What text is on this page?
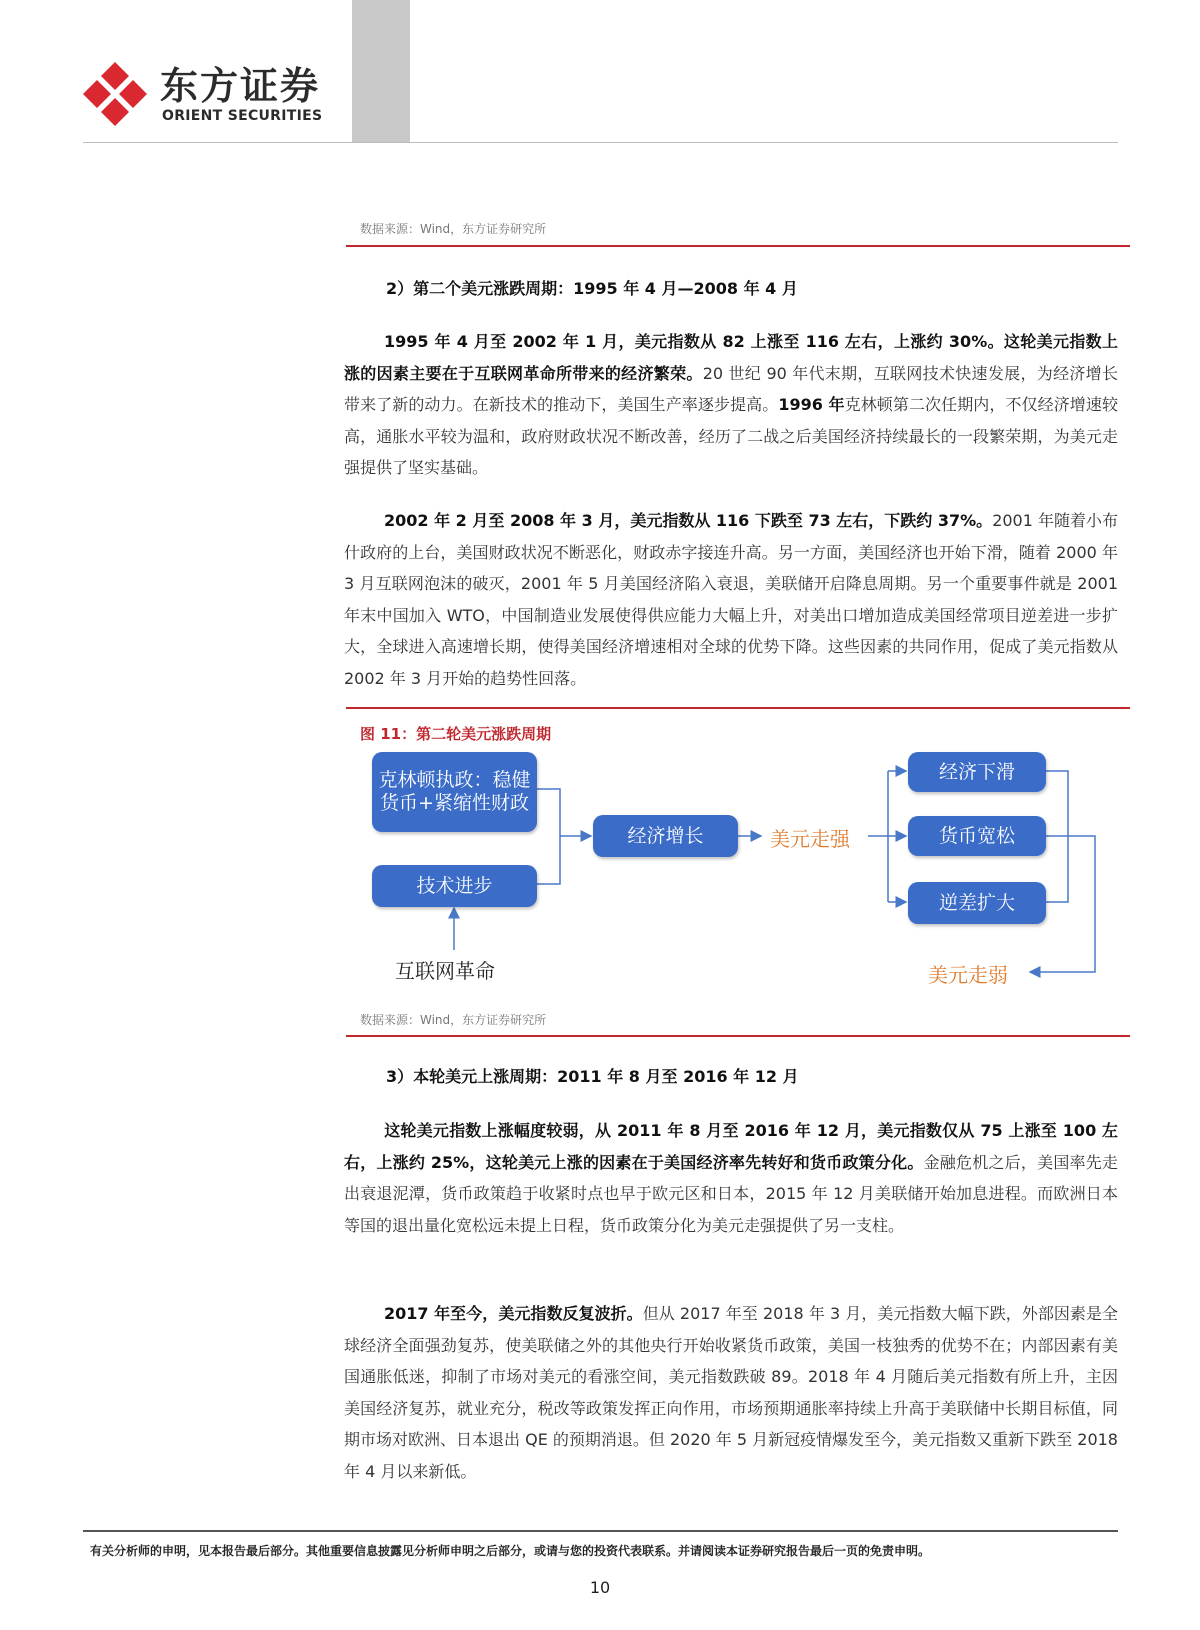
东方证券
ORIENT SECURITIES
数据来源：Wind，东方证券研究所
2）第二个美元涨跌周期：1995 年 4 月—2008 年 4 月
1995 年 4 月至 2002 年 1 月，美元指数从 82 上涨至 116 左右，上涨约 30%。这轮美元指数上涨的因素主要在于互联网革命所带来的经济繁荣。20 世纪 90 年代末期，互联网技术快速发展，为经济增长带来了新的动力。在新技术的推动下，美国生产率逐步提高。1996 年克林顿第二次任期内，不仅经济增速较高，通胀水平较为温和，政府财政状况不断改善，经历了二战之后美国经济持续最长的一段繁荣期，为美元走强提供了坚实基础。
2002 年 2 月至 2008 年 3 月，美元指数从 116 下跌至 73 左右，下跌约 37%。2001 年随着小布什政府的上台，美国财政状况不断恶化，财政赤字接连升高。另一方面，美国经济也开始下滑，随着 2000 年 3 月互联网泡沫的破灭，2001 年 5 月美国经济陷入衰退，美联储开启降息周期。另一个重要事件就是 2001 年末中国加入 WTO，中国制造业发展使得供应能力大幅上升，对美出口增加造成美国经常项目逆差进一步扩大，全球进入高速增长期，使得美国经济增速相对全球的优势下降。这些因素的共同作用，促成了美元指数从 2002 年 3 月开始的趋势性回落。
图 11：第二轮美元涨跌周期
克林顿执政：稳健货币+紧缩性财政
技术进步
经济增长
经济下滑
货币宽松
逆差扩大
互联网革命
美元走强
美元走弱
数据来源：Wind，东方证券研究所
3）本轮美元上涨周期：2011 年 8 月至 2016 年 12 月
这轮美元指数上涨幅度较弱，从 2011 年 8 月至 2016 年 12 月，美元指数仅从 75 上涨至 100 左右，上涨约 25%，这轮美元上涨的因素在于美国经济率先转好和货币政策分化。金融危机之后，美国率先走出衰退泥潭，货币政策趋于收紧时点也早于欧元区和日本，2015 年 12 月美联储开始加息进程。而欧洲日本等国的退出量化宽松远未提上日程，货币政策分化为美元走强提供了另一支柱。
2017 年至今，美元指数反复波折。但从 2017 年至 2018 年 3 月，美元指数大幅下跌，外部因素是全球经济全面强劲复苏，使美联储之外的其他央行开始收紧货币政策，美国一枝独秀的优势不在；内部因素有美国通胀低迷，抑制了市场对美元的看涨空间，美元指数跌破 89。2018 年 4 月随后美元指数有所上升，主因美国经济复苏，就业充分，税改等政策发挥正向作用，市场预期通胀率持续上升高于美联储中长期目标值，同期市场对欧洲、日本退出 QE 的预期消退。但 2020 年 5 月新冠疫情爆发至今，美元指数又重新下跌至 2018 年 4 月以来新低。
有关分析师的申明，见本报告最后部分。其他重要信息披露见分析师申明之后部分，或请与您的投资代表联系。并请阅读本证券研究报告最后一页的免责申明。
10
